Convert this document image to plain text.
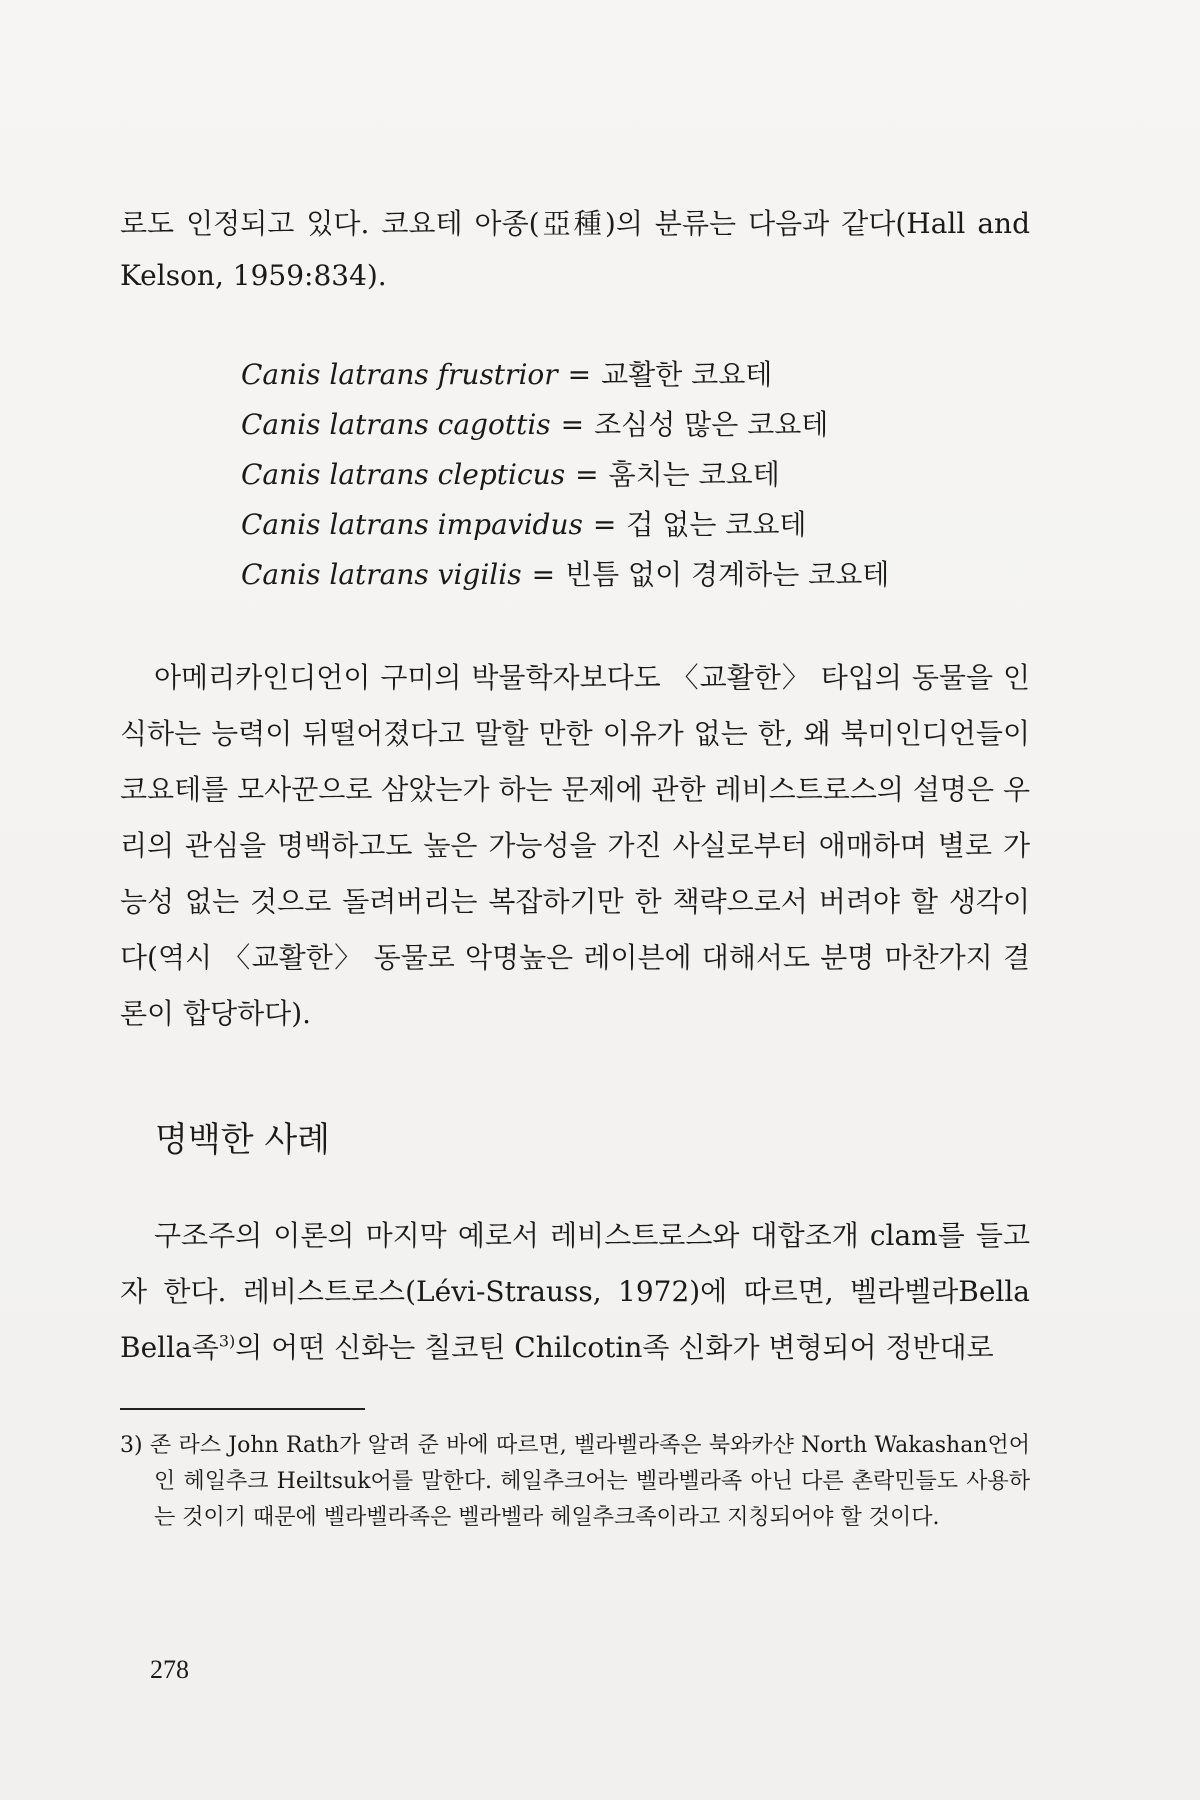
로도 인정되고 있다. 코요테 아종(亞種)의 분류는 다음과 같다(Hall and Kelson, 1959:834).

Canis latrans frustrior = 교활한 코요테
Canis latrans cagottis = 조심성 많은 코요테
Canis latrans clepticus = 훔치는 코요테
Canis latrans impavidus = 겁 없는 코요테
Canis latrans vigilis = 빈틈 없이 경계하는 코요테

아메리카인디언이 구미의 박물학자보다도 〈교활한〉 타입의 동물을 인식하는 능력이 뒤떨어졌다고 말할 만한 이유가 없는 한, 왜 북미인디언들이 코요테를 모사꾼으로 삼았는가 하는 문제에 관한 레비스트로스의 설명은 우리의 관심을 명백하고도 높은 가능성을 가진 사실로부터 애매하며 별로 가능성 없는 것으로 돌려버리는 복잡하기만 한 책략으로서 버려야 할 생각이다(역시 〈교활한〉 동물로 악명높은 레이븐에 대해서도 분명 마찬가지 결론이 합당하다).

명백한 사례

구조주의 이론의 마지막 예로서 레비스트로스와 대합조개 clam를 들고자 한다. 레비스트로스(Lévi-Strauss, 1972)에 따르면, 벨라벨라Bella Bella족$^{3)}$의 어떤 신화는 칠코틴 Chilcotin족 신화가 변형되어 정반대로

3) 존 라스 John Rath가 알려 준 바에 따르면, 벨라벨라족은 북와카샨 North Wakashan언어인 헤일추크 Heiltsuk어를 말한다. 헤일추크어는 벨라벨라족 아닌 다른 촌락민들도 사용하는 것이기 때문에 벨라벨라족은 벨라벨라 헤일추크족이라고 지칭되어야 할 것이다.

278
